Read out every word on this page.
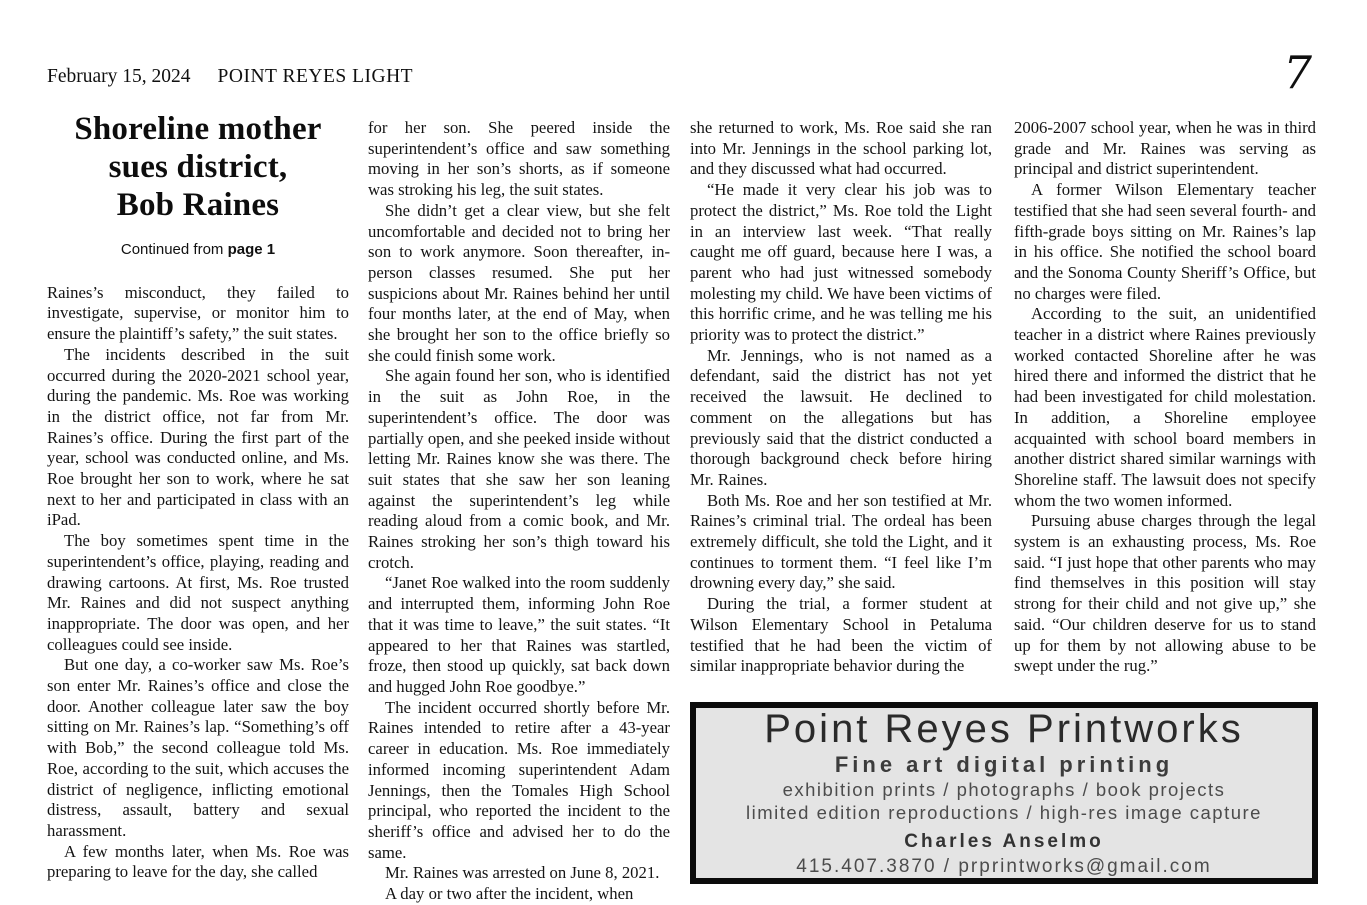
February 15, 2024 POINT REYES LIGHT	7
Shoreline mother
sues district,
Bob Raines

Continued from page 1

Raines’s misconduct, they failed to investigate, supervise, or monitor him to ensure the plaintiff’s safety,” the suit states.

The incidents described in the suit occurred during the 2020-2021 school year, during the pandemic. Ms. Roe was working in the district office, not far from Mr. Raines’s office. During the first part of the year, school was conducted online, and Ms. Roe brought her son to work, where he sat next to her and participated in class with an iPad.

The boy sometimes spent time in the superintendent’s office, playing, reading and drawing cartoons. At first, Ms. Roe trusted Mr. Raines and did not suspect anything inappropriate. The door was open, and her colleagues could see inside.

But one day, a co-worker saw Ms. Roe’s son enter Mr. Raines’s office and close the door. Another colleague later saw the boy sitting on Mr. Raines’s lap. “Something’s off with Bob,” the second colleague told Ms. Roe, according to the suit, which accuses the district of negligence, inflicting emotional distress, assault, battery and sexual harassment.

A few months later, when Ms. Roe was preparing to leave for the day, she called

for her son. She peered inside the superintendent’s office and saw something moving in her son’s shorts, as if someone was stroking his leg, the suit states.

She didn’t get a clear view, but she felt uncomfortable and decided not to bring her son to work anymore. Soon thereafter, in-person classes resumed. She put her suspicions about Mr. Raines behind her until four months later, at the end of May, when she brought her son to the office briefly so she could finish some work.

She again found her son, who is identified in the suit as John Roe, in the superintendent’s office. The door was partially open, and she peeked inside without letting Mr. Raines know she was there. The suit states that she saw her son leaning against the superintendent’s leg while reading aloud from a comic book, and Mr. Raines stroking her son’s thigh toward his crotch.

“Janet Roe walked into the room suddenly and interrupted them, informing John Roe that it was time to leave,” the suit states. “It appeared to her that Raines was startled, froze, then stood up quickly, sat back down and hugged John Roe goodbye.”

The incident occurred shortly before Mr. Raines intended to retire after a 43-year career in education. Ms. Roe immediately informed incoming superintendent Adam Jennings, then the Tomales High School principal, who reported the incident to the sheriff’s office and advised her to do the same.

Mr. Raines was arrested on June 8, 2021.

A day or two after the incident, when

she returned to work, Ms. Roe said she ran into Mr. Jennings in the school parking lot, and they discussed what had occurred.

“He made it very clear his job was to protect the district,” Ms. Roe told the Light in an interview last week. “That really caught me off guard, because here I was, a parent who had just witnessed somebody molesting my child. We have been victims of this horrific crime, and he was telling me his priority was to protect the district.”

Mr. Jennings, who is not named as a defendant, said the district has not yet received the lawsuit. He declined to comment on the allegations but has previously said that the district conducted a thorough background check before hiring Mr. Raines.

Both Ms. Roe and her son testified at Mr. Raines’s criminal trial. The ordeal has been extremely difficult, she told the Light, and it continues to torment them. “I feel like I’m drowning every day,” she said.

During the trial, a former student at Wilson Elementary School in Petaluma testified that he had been the victim of similar inappropriate behavior during the

2006-2007 school year, when he was in third grade and Mr. Raines was serving as principal and district superintendent.

A former Wilson Elementary teacher testified that she had seen several fourth- and fifth-grade boys sitting on Mr. Raines’s lap in his office. She notified the school board and the Sonoma County Sheriff’s Office, but no charges were filed.

According to the suit, an unidentified teacher in a district where Raines previously worked contacted Shoreline after he was hired there and informed the district that he had been investigated for child molestation. In addition, a Shoreline employee acquainted with school board members in another district shared similar warnings with Shoreline staff. The lawsuit does not specify whom the two women informed.

Pursuing abuse charges through the legal system is an exhausting process, Ms. Roe said. “I just hope that other parents who may find themselves in this position will stay strong for their child and not give up,” she said. “Our children deserve for us to stand up for them by not allowing abuse to be swept under the rug.”

Point Reyes Printworks
Fine art digital printing
exhibition prints / photographs / book projects
limited edition reproductions / high-res image capture
Charles Anselmo
415.407.3870 / prprintworks@gmail.com
